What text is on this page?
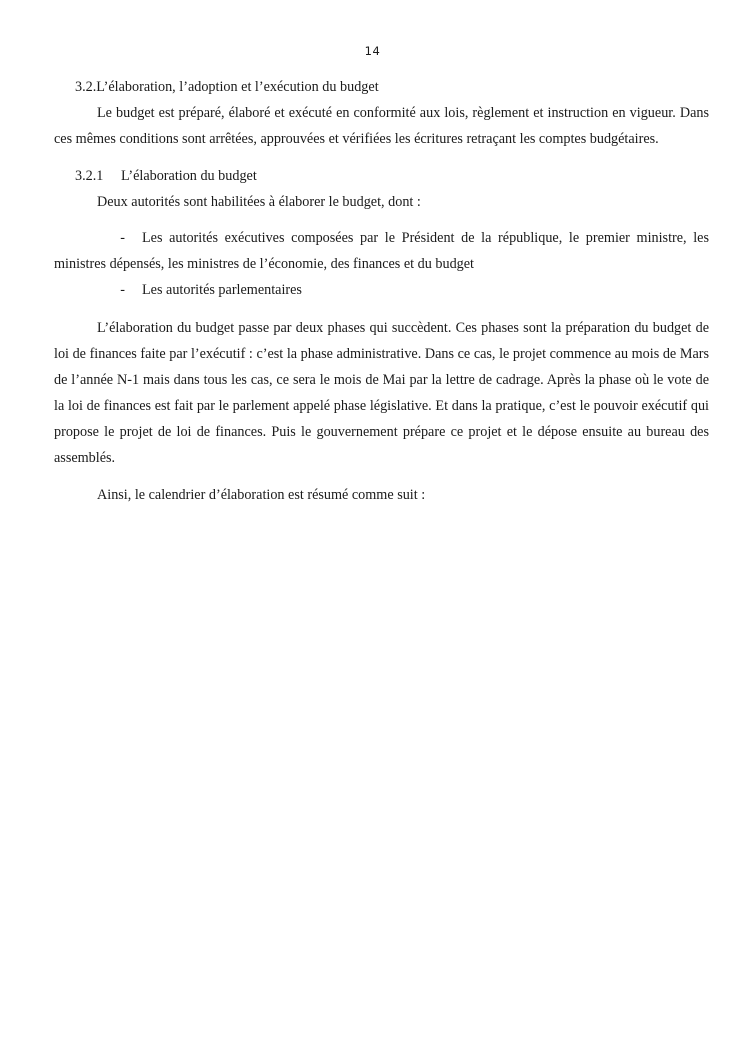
14

3.2.L’élaboration, l’adoption et l’exécution du budget

Le budget est préparé, élaboré et exécuté en conformité aux lois, règlement et instruction en vigueur. Dans ces mêmes conditions sont arrêtées, approuvées et vérifiées les écritures retraçant les comptes budgétaires.

3.2.1 L’élaboration du budget

Deux autorités sont habilitées à élaborer le budget, dont :

- Les autorités exécutives composées par le Président de la république, le premier ministre, les ministres dépensés, les ministres de l’économie, des finances et du budget
- Les autorités parlementaires

L’élaboration du budget passe par deux phases qui succèdent. Ces phases sont la préparation du budget de loi de finances faite par l’exécutif : c’est la phase administrative. Dans ce cas, le projet commence au mois de Mars de l’année N-1 mais dans tous les cas, ce sera le mois de Mai par la lettre de cadrage. Après la phase où le vote de la loi de finances est fait par le parlement appelé phase législative. Et dans la pratique, c’est le pouvoir exécutif qui propose le projet de loi de finances. Puis le gouvernement prépare ce projet et le dépose ensuite au bureau des assemblés.

Ainsi, le calendrier d’élaboration est résumé comme suit :
